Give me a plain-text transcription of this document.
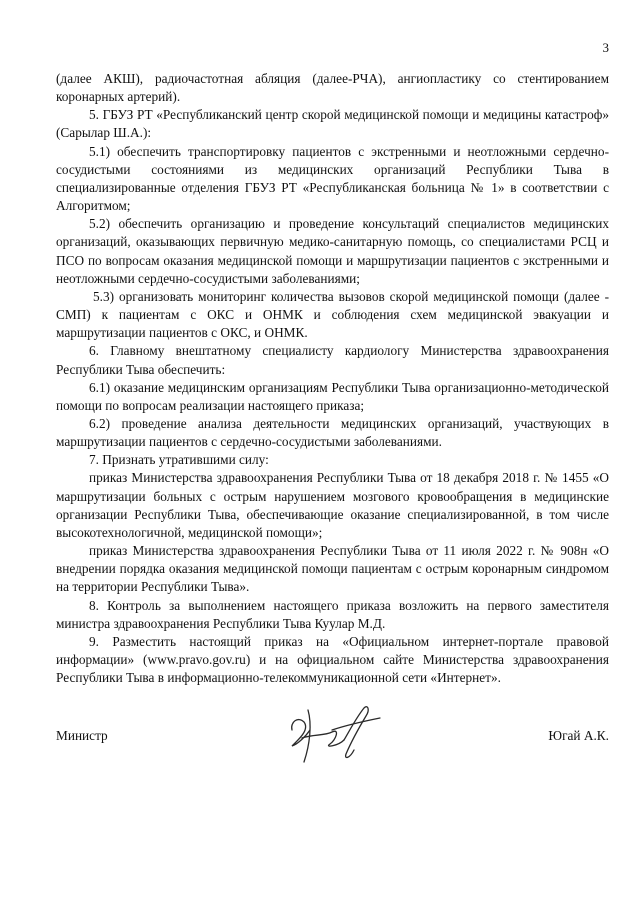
3

(далее АКШ), радиочастотная абляция (далее-РЧА), ангиопластику со стентированием коронарных артерий).

5. ГБУЗ РТ «Республиканский центр скорой медицинской помощи и медицины катастроф» (Сарылар Ш.А.):

5.1) обеспечить транспортировку пациентов с экстренными и неотложными сердечно-сосудистыми состояниями из медицинских организаций Республики Тыва в специализированные отделения ГБУЗ РТ «Республиканская больница № 1» в соответствии с Алгоритмом;

5.2) обеспечить организацию и проведение консультаций специалистов медицинских организаций, оказывающих первичную медико-санитарную помощь, со специалистами РСЦ и ПСО по вопросам оказания медицинской помощи и маршрутизации пациентов с экстренными и неотложными сердечно-сосудистыми заболеваниями;

5.3) организовать мониторинг количества вызовов скорой медицинской помощи (далее - СМП) к пациентам с ОКС и ОНМК и соблюдения схем медицинской эвакуации и маршрутизации пациентов с ОКС, и ОНМК.

6. Главному внештатному специалисту кардиологу Министерства здравоохранения Республики Тыва обеспечить:

6.1) оказание медицинским организациям Республики Тыва организационно-методической помощи по вопросам реализации настоящего приказа;

6.2) проведение анализа деятельности медицинских организаций, участвующих в маршрутизации пациентов с сердечно-сосудистыми заболеваниями.

7. Признать утратившими силу:

приказ Министерства здравоохранения Республики Тыва от 18 декабря 2018 г. № 1455 «О маршрутизации больных с острым нарушением мозгового кровообращения в медицинские организации Республики Тыва, обеспечивающие оказание специализированной, в том числе высокотехнологичной, медицинской помощи»;

приказ Министерства здравоохранения Республики Тыва от 11 июля 2022 г. № 908н «О внедрении порядка оказания медицинской помощи пациентам с острым коронарным синдромом на территории Республики Тыва».

8. Контроль за выполнением настоящего приказа возложить на первого заместителя министра здравоохранения Республики Тыва Куулар М.Д.

9. Разместить настоящий приказ на «Официальном интернет-портале правовой информации» (www.pravo.gov.ru) и на официальном сайте Министерства здравоохранения Республики Тыва в информационно-телекоммуникационной сети «Интернет».

Министр	Югай А.К.
